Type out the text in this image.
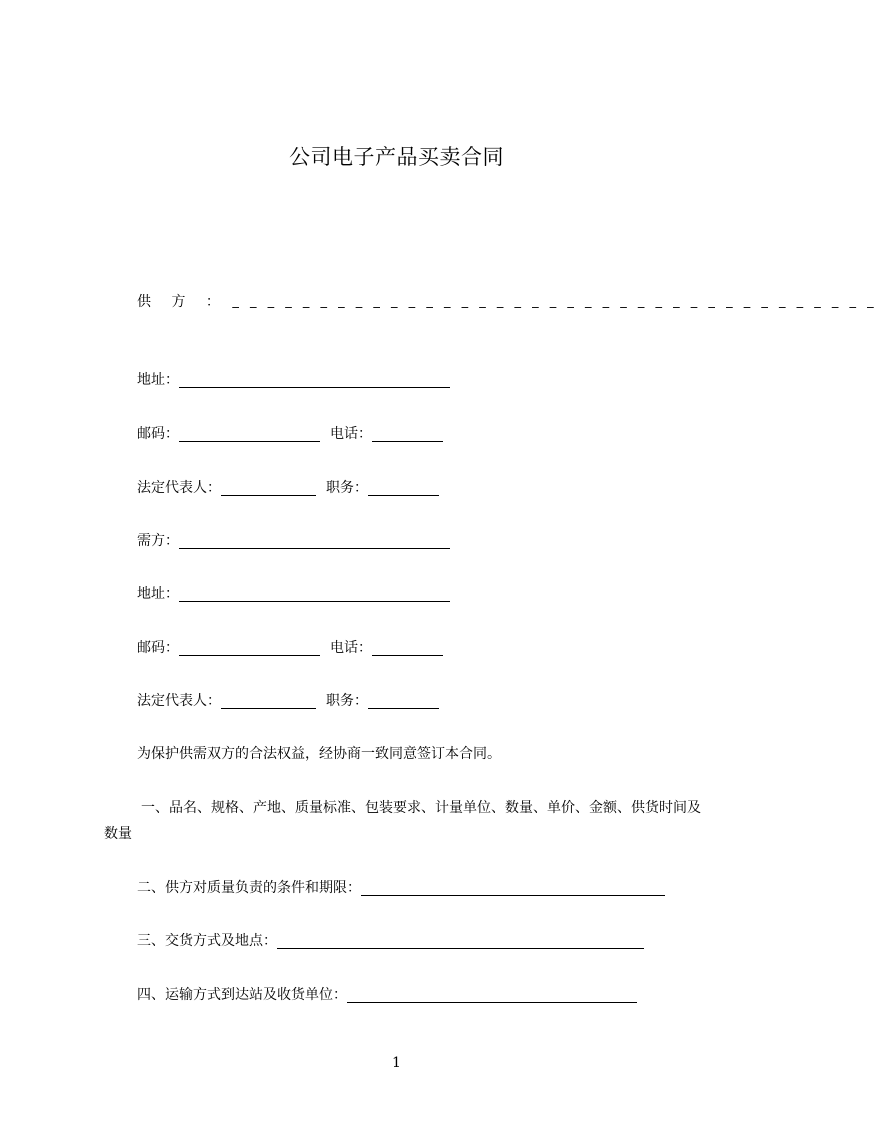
公司电子产品买卖合同
供 方 ： _ _ _ _ _ _ _ _ _ _ _ _ _ _ _ _ _ _ _ _ _ _ _ _ _ _ _ _ _ _ _ _ _ _ _ _ _
地址：
邮码：	电话：
法定代表人：	职务：
需方：
地址：
邮码：	电话：
法定代表人：	职务：
为保护供需双方的合法权益，经协商一致同意签订本合同。
一、品名、规格、产地、质量标准、包装要求、计量单位、数量、单价、金额、供货时间及数量
二、供方对质量负责的条件和期限：
三、交货方式及地点：
四、运输方式到达站及收货单位：
1
